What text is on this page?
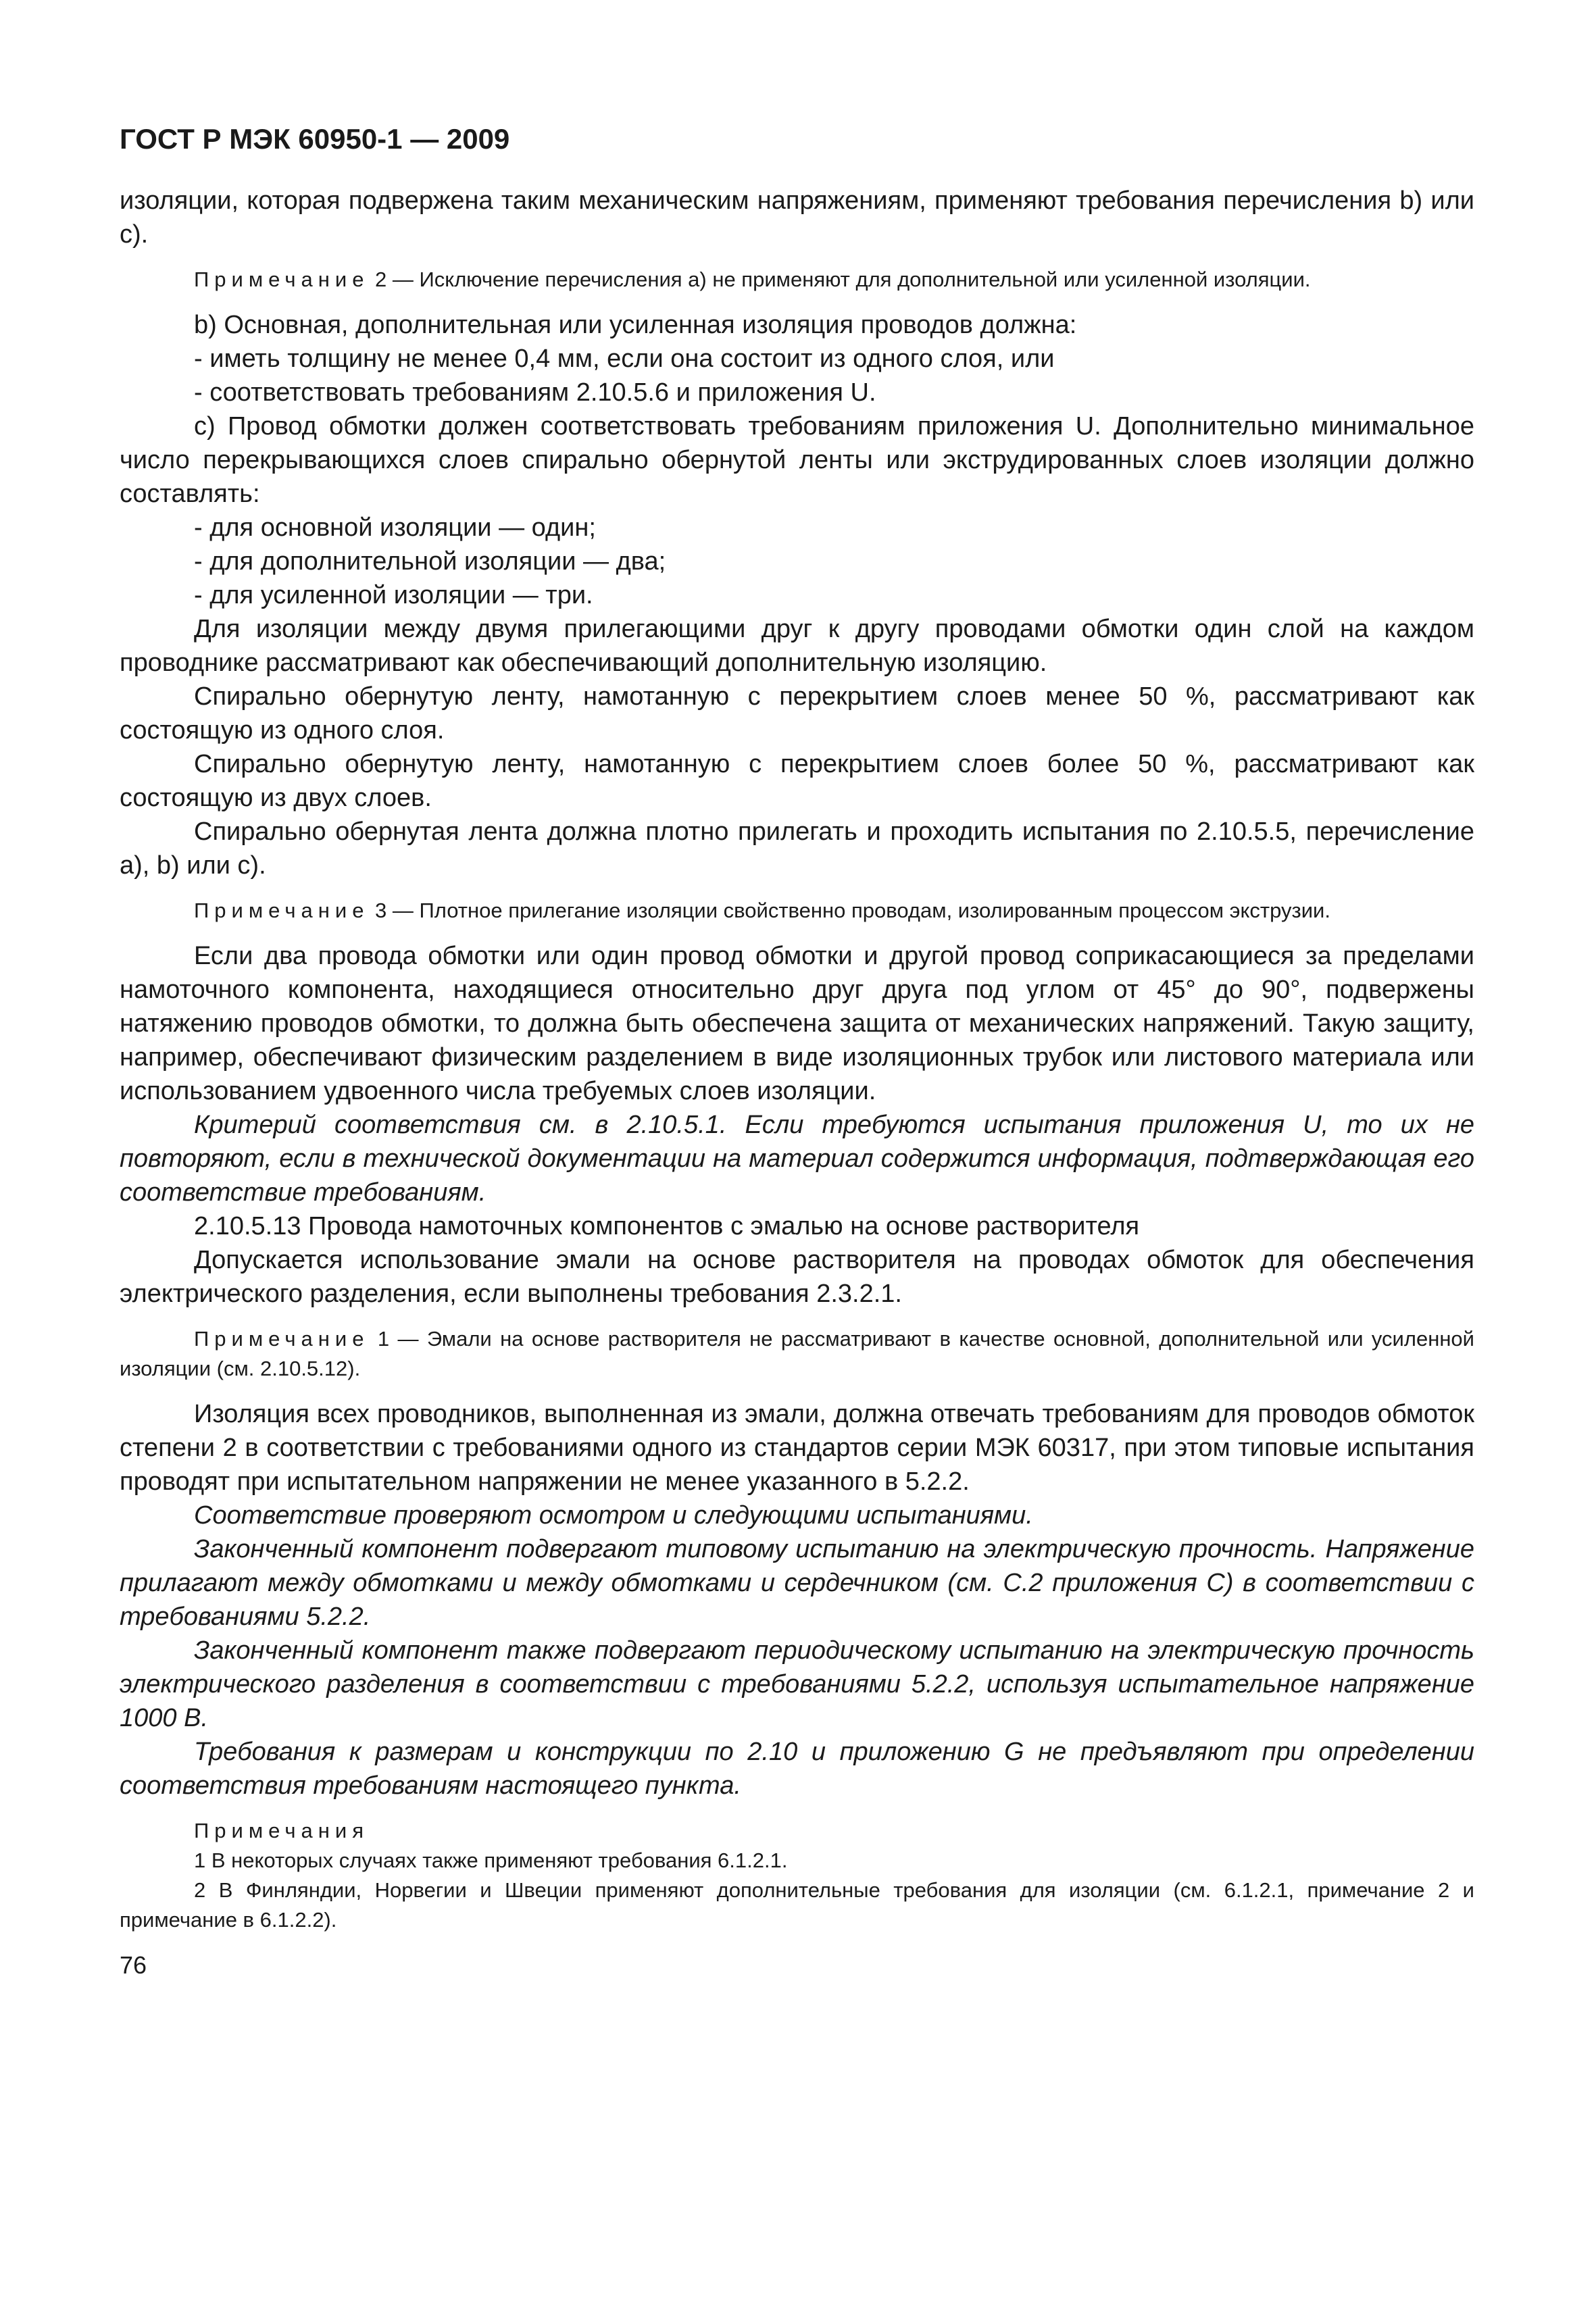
ГОСТ Р МЭК 60950-1 — 2009

изоляции, которая подвержена таким механическим напряжениям, применяют требования перечисления b) или c).

Примечание 2 — Исключение перечисления a) не применяют для дополнительной или усиленной изоляции.

b) Основная, дополнительная или усиленная изоляция проводов должна:

- иметь толщину не менее 0,4 мм, если она состоит из одного слоя, или

- соответствовать требованиям 2.10.5.6 и приложения U.

c) Провод обмотки должен соответствовать требованиям приложения U. Дополнительно минимальное число перекрывающихся слоев спирально обернутой ленты или экструдированных слоев изоляции должно составлять:

- для основной изоляции — один;

- для дополнительной изоляции — два;

- для усиленной изоляции — три.

Для изоляции между двумя прилегающими друг к другу проводами обмотки один слой на каждом проводнике рассматривают как обеспечивающий дополнительную изоляцию.

Спирально обернутую ленту, намотанную с перекрытием слоев менее 50 %, рассматривают как состоящую из одного слоя.

Спирально обернутую ленту, намотанную с перекрытием слоев более 50 %, рассматривают как состоящую из двух слоев.

Спирально обернутая лента должна плотно прилегать и проходить испытания по 2.10.5.5, перечисление a), b) или c).

Примечание 3 — Плотное прилегание изоляции свойственно проводам, изолированным процессом экструзии.

Если два провода обмотки или один провод обмотки и другой провод соприкасающиеся за пределами намоточного компонента, находящиеся относительно друг друга под углом от 45° до 90°, подвержены натяжению проводов обмотки, то должна быть обеспечена защита от механических напряжений. Такую защиту, например, обеспечивают физическим разделением в виде изоляционных трубок или листового материала или использованием удвоенного числа требуемых слоев изоляции.

Критерий соответствия см. в 2.10.5.1. Если требуются испытания приложения U, то их не повторяют, если в технической документации на материал содержится информация, подтверждающая его соответствие требованиям.

2.10.5.13 Провода намоточных компонентов с эмалью на основе растворителя

Допускается использование эмали на основе растворителя на проводах обмоток для обеспечения электрического разделения, если выполнены требования 2.3.2.1.

Примечание 1 — Эмали на основе растворителя не рассматривают в качестве основной, дополнительной или усиленной изоляции (см. 2.10.5.12).

Изоляция всех проводников, выполненная из эмали, должна отвечать требованиям для проводов обмоток степени 2 в соответствии с требованиями одного из стандартов серии МЭК 60317, при этом типовые испытания проводят при испытательном напряжении не менее указанного в 5.2.2.

Соответствие проверяют осмотром и следующими испытаниями.

Законченный компонент подвергают типовому испытанию на электрическую прочность. Напряжение прилагают между обмотками и между обмотками и сердечником (см. С.2 приложения С) в соответствии с требованиями 5.2.2.

Законченный компонент также подвергают периодическому испытанию на электрическую прочность электрического разделения в соответствии с требованиями 5.2.2, используя испытательное напряжение 1000 В.

Требования к размерам и конструкции по 2.10 и приложению G не предъявляют при определении соответствия требованиям настоящего пункта.

Примечания
1 В некоторых случаях также применяют требования 6.1.2.1.
2 В Финляндии, Норвегии и Швеции применяют дополнительные требования для изоляции (см. 6.1.2.1, примечание 2 и примечание в 6.1.2.2).
76
